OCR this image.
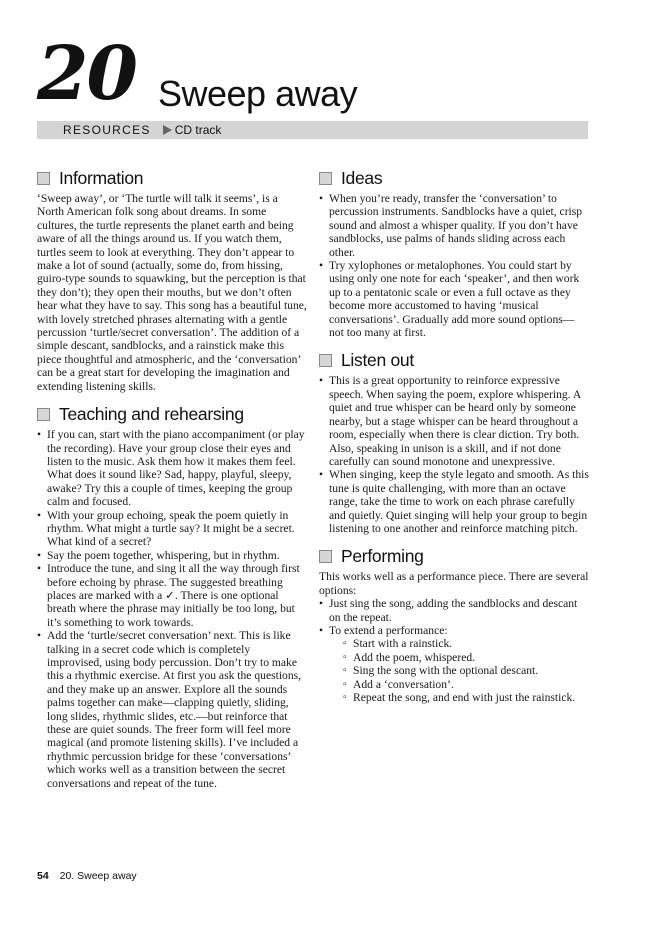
20 Sweep away
RESOURCES CD track
Information

‘Sweep away’, or ‘The turtle will talk it seems’, is a North American folk song about dreams. In some cultures, the turtle represents the planet earth and being aware of all the things around us. If you watch them, turtles seem to look at everything. They don’t appear to make a lot of sound (actually, some do, from hissing, guiro-type sounds to squawking, but the perception is that they don’t); they open their mouths, but we don’t often hear what they have to say. This song has a beautiful tune, with lovely stretched phrases alternating with a gentle percussion ‘turtle/secret conversation’. The addition of a simple descant, sandblocks, and a rainstick make this piece thoughtful and atmospheric, and the ‘conversation’ can be a great start for developing the imagination and extending listening skills.

Teaching and rehearsing
• If you can, start with the piano accompaniment (or play the recording). Have your group close their eyes and listen to the music. Ask them how it makes them feel. What does it sound like? Sad, happy, playful, sleepy, awake? Try this a couple of times, keeping the group calm and focused.
• With your group echoing, speak the poem quietly in rhythm. What might a turtle say? It might be a secret. What kind of a secret?
• Say the poem together, whispering, but in rhythm.
• Introduce the tune, and sing it all the way through first before echoing by phrase. The suggested breathing places are marked with a ✓. There is one optional breath where the phrase may initially be too long, but it’s something to work towards.
• Add the ‘turtle/secret conversation’ next. This is like talking in a secret code which is completely improvised, using body percussion. Don’t try to make this a rhythmic exercise. At first you ask the questions, and they make up an answer. Explore all the sounds palms together can make—clapping quietly, sliding, long slides, rhythmic slides, etc.—but reinforce that these are quiet sounds. The freer form will feel more magical (and promote listening skills). I’ve included a rhythmic percussion bridge for these ‘conversations’ which works well as a transition between the secret conversations and repeat of the tune.
Ideas
• When you’re ready, transfer the ‘conversation’ to percussion instruments. Sandblocks have a quiet, crisp sound and almost a whisper quality. If you don’t have sandblocks, use palms of hands sliding across each other.
• Try xylophones or metalophones. You could start by using only one note for each ‘speaker’, and then work up to a pentatonic scale or even a full octave as they become more accustomed to having ‘musical conversations’. Gradually add more sound options—not too many at first.
Listen out
• This is a great opportunity to reinforce expressive speech. When saying the poem, explore whispering. A quiet and true whisper can be heard only by someone nearby, but a stage whisper can be heard throughout a room, especially when there is clear diction. Try both. Also, speaking in unison is a skill, and if not done carefully can sound monotone and unexpressive.
• When singing, keep the style legato and smooth. As this tune is quite challenging, with more than an octave range, take the time to work on each phrase carefully and quietly. Quiet singing will help your group to begin listening to one another and reinforce matching pitch.
Performing

This works well as a performance piece. There are several options:

• Just sing the song, adding the sandblocks and descant on the repeat.
• To extend a performance:
▫ Start with a rainstick.
▫ Add the poem, whispered.
▫ Sing the song with the optional descant.
▫ Add a ‘conversation’.
▫ Repeat the song, and end with just the rainstick.
54 20. Sweep away
